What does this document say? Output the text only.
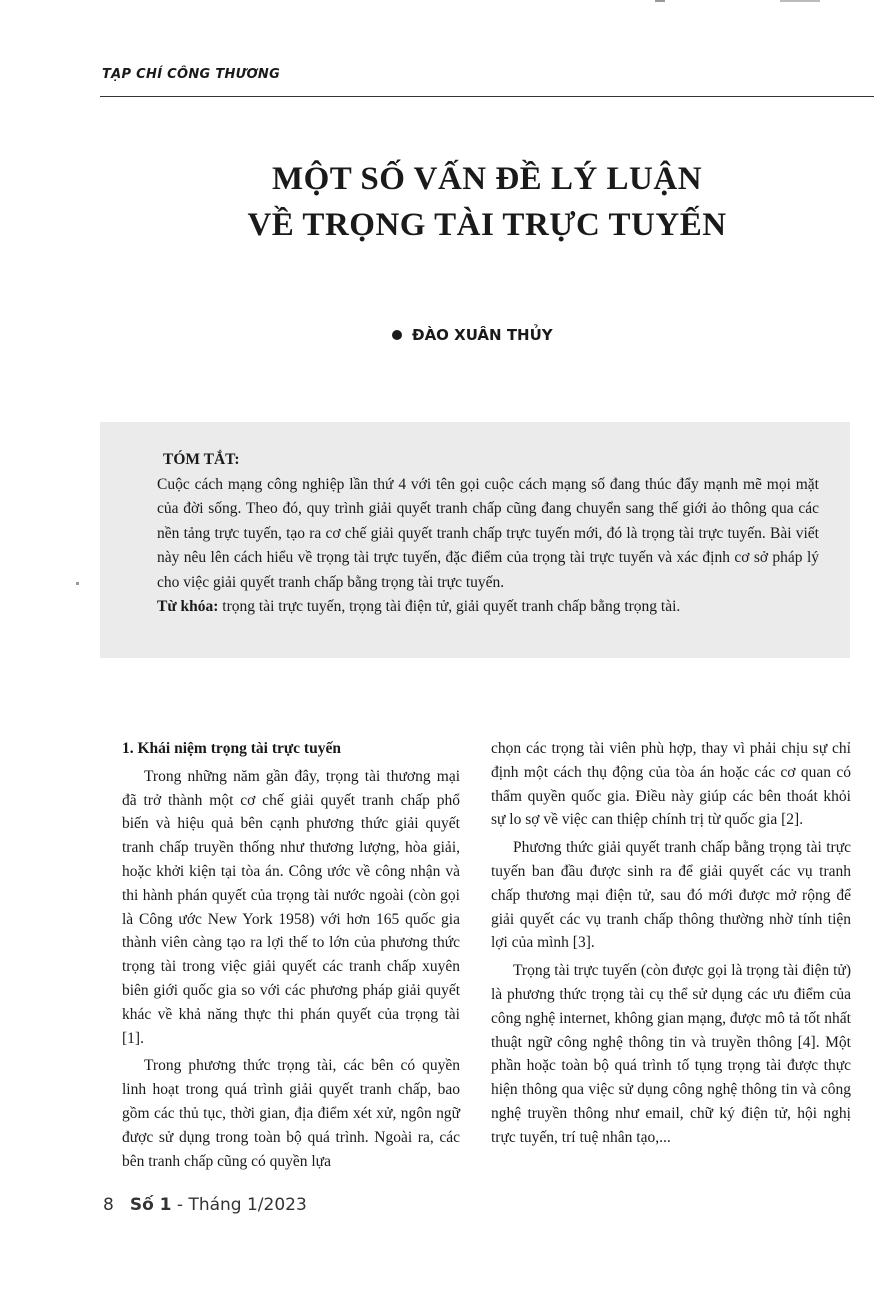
TẠP CHÍ CÔNG THƯƠNG
MỘT SỐ VẤN ĐỀ LÝ LUẬN
VỀ TRỌNG TÀI TRỰC TUYẾN
ĐÀO XUÂN THỦY
TÓM TẮT:

Cuộc cách mạng công nghiệp lần thứ 4 với tên gọi cuộc cách mạng số đang thúc đẩy mạnh mẽ mọi mặt của đời sống. Theo đó, quy trình giải quyết tranh chấp cũng đang chuyển sang thế giới ảo thông qua các nền tảng trực tuyến, tạo ra cơ chế giải quyết tranh chấp trực tuyến mới, đó là trọng tài trực tuyến. Bài viết này nêu lên cách hiểu về trọng tài trực tuyến, đặc điểm của trọng tài trực tuyến và xác định cơ sở pháp lý cho việc giải quyết tranh chấp bằng trọng tài trực tuyến.

Từ khóa: trọng tài trực tuyến, trọng tài điện tử, giải quyết tranh chấp bằng trọng tài.

1. Khái niệm trọng tài trực tuyến

Trong những năm gần đây, trọng tài thương mại đã trở thành một cơ chế giải quyết tranh chấp phổ biến và hiệu quả bên cạnh phương thức giải quyết tranh chấp truyền thống như thương lượng, hòa giải, hoặc khởi kiện tại tòa án. Công ước về công nhận và thi hành phán quyết của trọng tài nước ngoài (còn gọi là Công ước New York 1958) với hơn 165 quốc gia thành viên càng tạo ra lợi thế to lớn của phương thức trọng tài trong việc giải quyết các tranh chấp xuyên biên giới quốc gia so với các phương pháp giải quyết khác về khả năng thực thi phán quyết của trọng tài [1].

Trong phương thức trọng tài, các bên có quyền linh hoạt trong quá trình giải quyết tranh chấp, bao gồm các thủ tục, thời gian, địa điểm xét xử, ngôn ngữ được sử dụng trong toàn bộ quá trình. Ngoài ra, các bên tranh chấp cũng có quyền lựa

chọn các trọng tài viên phù hợp, thay vì phải chịu sự chỉ định một cách thụ động của tòa án hoặc các cơ quan có thẩm quyền quốc gia. Điều này giúp các bên thoát khỏi sự lo sợ về việc can thiệp chính trị từ quốc gia [2].

Phương thức giải quyết tranh chấp bằng trọng tài trực tuyến ban đầu được sinh ra để giải quyết các vụ tranh chấp thương mại điện tử, sau đó mới được mở rộng để giải quyết các vụ tranh chấp thông thường nhờ tính tiện lợi của mình [3].

Trọng tài trực tuyến (còn được gọi là trọng tài điện tử) là phương thức trọng tài cụ thể sử dụng các ưu điểm của công nghệ internet, không gian mạng, được mô tả tốt nhất thuật ngữ công nghệ thông tin và truyền thông [4]. Một phần hoặc toàn bộ quá trình tố tụng trọng tài được thực hiện thông qua việc sử dụng công nghệ thông tin và công nghệ truyền thông như email, chữ ký điện tử, hội nghị trực tuyến, trí tuệ nhân tạo,...

8 Số 1 - Tháng 1/2023
